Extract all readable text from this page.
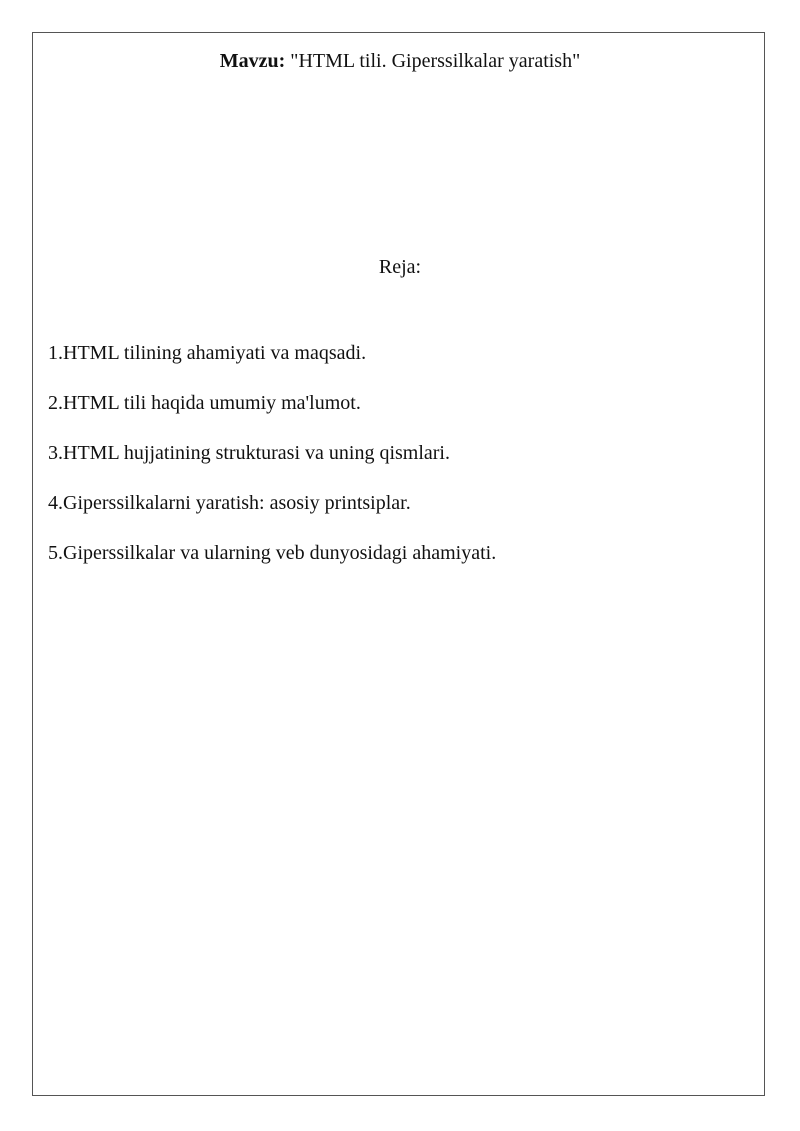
Mavzu: "HTML tili. Giperssilkalar yaratish"
Reja:
1.HTML tilining ahamiyati va maqsadi.
2.HTML tili haqida umumiy ma'lumot.
3.HTML hujjatining strukturasi va uning qismlari.
4.Giperssilkalarni yaratish: asosiy printsiplar.
5.Giperssilkalar va ularning veb dunyosidagi ahamiyati.
